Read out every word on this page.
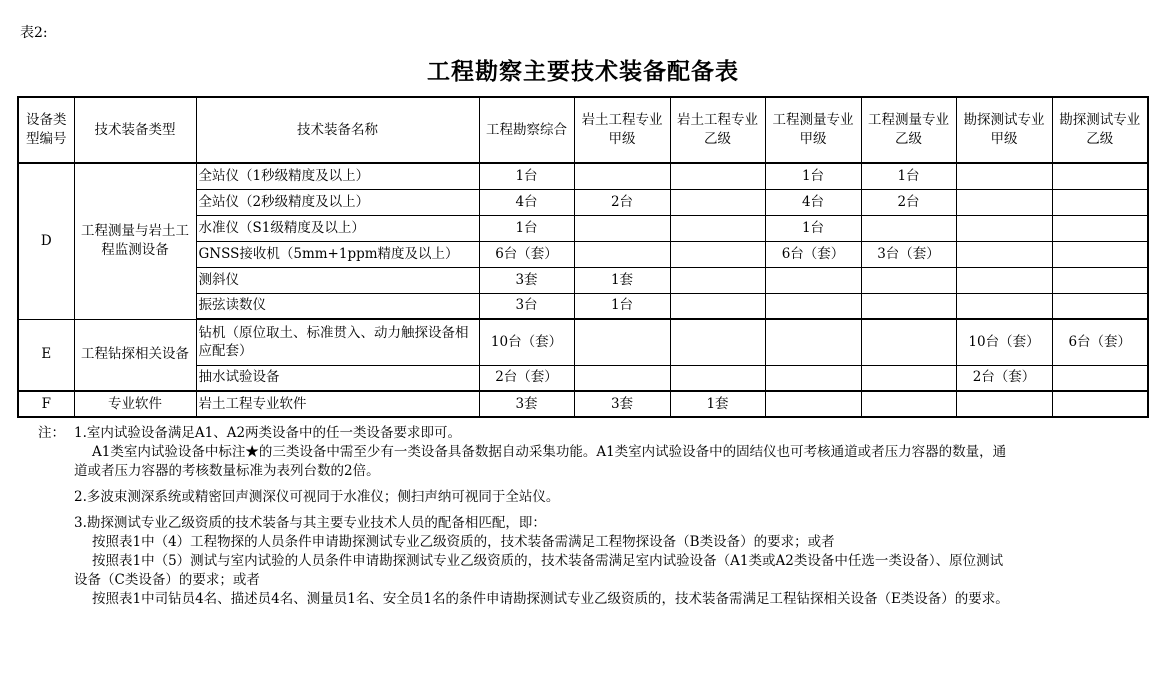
表2:
工程勘察主要技术装备配备表
设备类型编号	技术装备类型	技术装备名称	工程勘察综合	岩土工程专业甲级	岩土工程专业乙级	工程测量专业甲级	工程测量专业乙级	勘探测试专业甲级	勘探测试专业乙级
D	工程测量与岩土工程监测设备	全站仪（1秒级精度及以上）	1台			1台	1台		
		全站仪（2秒级精度及以上）	4台	2台		4台	2台		
		水准仪（S1级精度及以上）	1台			1台			
		GNSS接收机（5mm+1ppm精度及以上）	6台（套）			6台（套）	3台（套）		
		测斜仪	3套	1套					
		振弦读数仪	3台	1台					
E	工程钻探相关设备	钻机（原位取土、标准贯入、动力触探设备相应配套）	10台（套）					10台（套）	6台（套）
		抽水试验设备	2台（套）					2台（套）	
F	专业软件	岩土工程专业软件	3套	3套	1套				
注： 1.室内试验设备满足A1、A2两类设备中的任一类设备要求即可。
A1类室内试验设备中标注★的三类设备中需至少有一类设备具备数据自动采集功能。A1类室内试验设备中的固结仪也可考核通道或者压力容器的数量，通
道或者压力容器的考核数量标准为表列台数的2倍。
2.多波束测深系统或精密回声测深仪可视同于水准仪；侧扫声纳可视同于全站仪。
3.勘探测试专业乙级资质的技术装备与其主要专业技术人员的配备相匹配，即：
按照表1中（4）工程物探的人员条件申请勘探测试专业乙级资质的，技术装备需满足工程物探设备（B类设备）的要求；或者
按照表1中（5）测试与室内试验的人员条件申请勘探测试专业乙级资质的，技术装备需满足室内试验设备（A1类或A2类设备中任选一类设备）、原位测试
设备（C类设备）的要求；或者
按照表1中司钻员4名、描述员4名、测量员1名、安全员1名的条件申请勘探测试专业乙级资质的，技术装备需满足工程钻探相关设备（E类设备）的要求。
